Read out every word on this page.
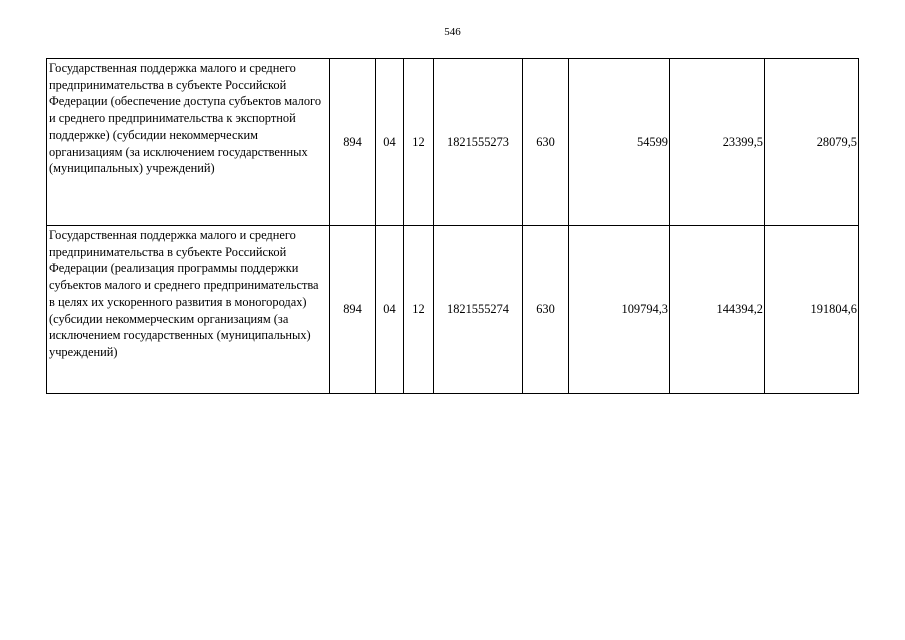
546
Государственная поддержка малого и среднего предпринимательства в субъекте Российской Федерации (обеспечение доступа субъектов малого и среднего предпринимательства к экспортной поддержке) (субсидии некоммерческим организациям (за исключением государственных (муниципальных) учреждений)	894	04	12	1821555273	630	54599	23399,5	28079,5
Государственная поддержка малого и среднего предпринимательства в субъекте Российской Федерации (реализация программы поддержки субъектов малого и среднего предпринимательства в целях их ускоренного развития в моногородах) (субсидии некоммерческим организациям (за исключением государственных (муниципальных) учреждений)	894	04	12	1821555274	630	109794,3	144394,2	191804,6
